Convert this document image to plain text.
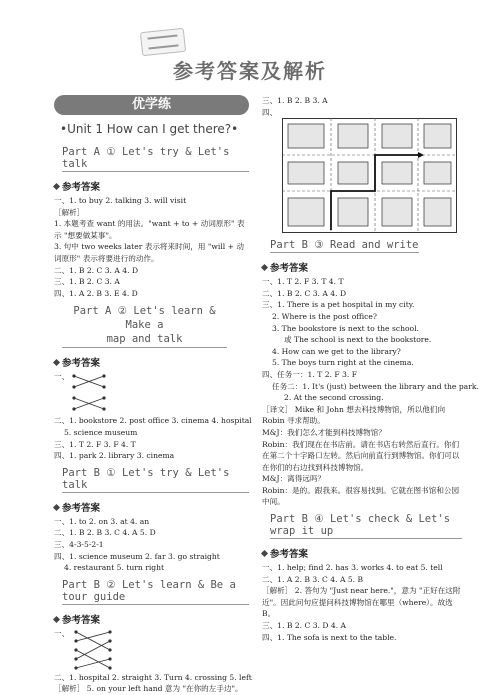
参考答案及解析
优学练
•Unit 1 How can I get there?•
Part A ① Let's try & Let's talk
参考答案
一、1. to buy 2. talking 3. will visit
［解析］
1. 本题考查 want 的用法。"want + to + 动词原形" 表示 "想要做某事"。
3. 句中 two weeks later 表示将来时间，用 "will + 动词原形" 表示将要进行的动作。
二、1. B 2. C 3. A 4. D
三、1. B 2. C 3. A
四、1. A 2. B 3. E 4. D
Part A ② Let's learn & Make a
map and talk
参考答案
一、
二、1. bookstore 2. post office 3. cinema 4. hospital
5. science museum
三、1. T 2. F 3. F 4. T
四、1. park 2. library 3. cinema
Part B ① Let's try & Let's talk
参考答案
一、1. to 2. on 3. at 4. an
二、1. B 2. B 3. C 4. A 5. D
三、4-3-5-2-1
四、1. science museum 2. far 3. go straight
4. restaurant 5. turn right
Part B ② Let's learn & Be a tour guide
参考答案
一、
二、1. hospital 2. straight 3. Turn 4. crossing 5. left
［解析］ 5. on your left hand 意为 "在你的左手边"。
三、1. B 2. B 3. A
四、
Part B ③ Read and write
参考答案
一、1. T 2. F 3. T 4. T
二、1. B 2. C 3. A 4. D
三、1. There is a pet hospital in my city.
2. Where is the post office?
3. The bookstore is next to the school.
或 The school is next to the bookstore.
4. How can we get to the library?
5. The boys turn right at the cinema.
四、任务一：1. T 2. F 3. F
任务二：1. It's (just) between the library and the park.
2. At the second crossing.
［译文］ Mike 和 John 想去科技博物馆，所以他们向 Robin 寻求帮助。
M&J：我们怎么才能到科技博物馆？
Robin：我们现在在书店前。请在书店右转然后直行。你们在第二个十字路口左转。然后向前直行到博物馆。你们可以在你们的右边找到科技博物馆。
M&J：离得远吗？
Robin：是的。跟我来。很容易找到。它就在图书馆和公园中间。
Part B ④ Let's check & Let's wrap it up
参考答案
一、1. help; find 2. has 3. works 4. to eat 5. tell
二、1. A 2. B 3. C 4. A 5. B
［解析］ 2. 答句为 "Just near here."，意为 "正好在这附近"。因此问句应提问科技博物馆在哪里（where）。故选B。
三、1. B 2. C 3. D 4. A
四、1. The sofa is next to the table.
